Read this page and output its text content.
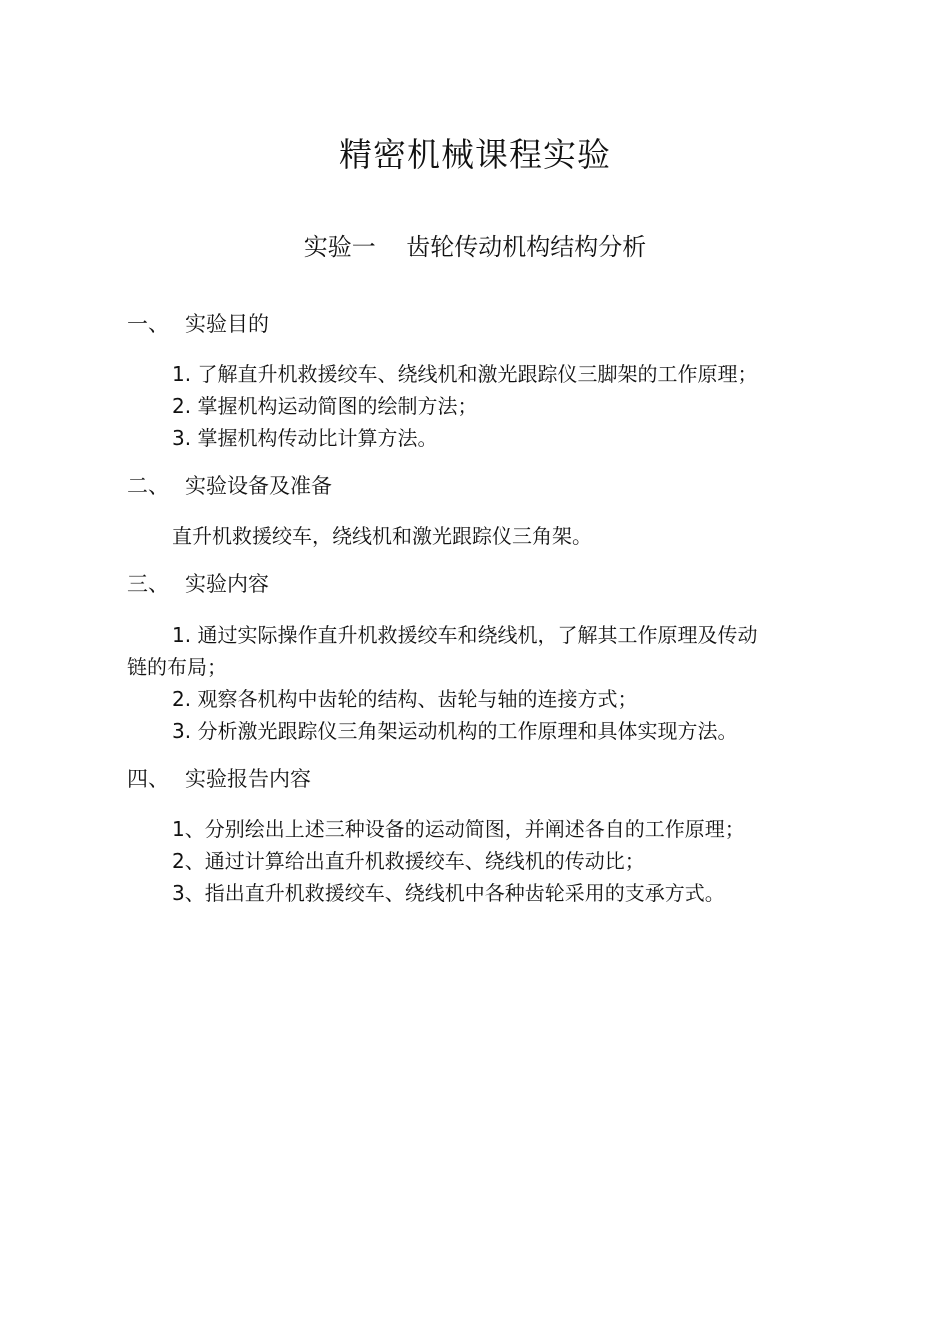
精密机械课程实验
实验一    齿轮传动机构结构分析
一、 实验目的
1. 了解直升机救援绞车、绕线机和激光跟踪仪三脚架的工作原理；
2. 掌握机构运动简图的绘制方法；
3. 掌握机构传动比计算方法。
二、 实验设备及准备
直升机救援绞车，绕线机和激光跟踪仪三角架。
三、 实验内容
1. 通过实际操作直升机救援绞车和绕线机，了解其工作原理及传动
链的布局；
2. 观察各机构中齿轮的结构、齿轮与轴的连接方式；
3. 分析激光跟踪仪三角架运动机构的工作原理和具体实现方法。
四、 实验报告内容
1、分别绘出上述三种设备的运动简图，并阐述各自的工作原理；
2、通过计算给出直升机救援绞车、绕线机的传动比；
3、指出直升机救援绞车、绕线机中各种齿轮采用的支承方式。
